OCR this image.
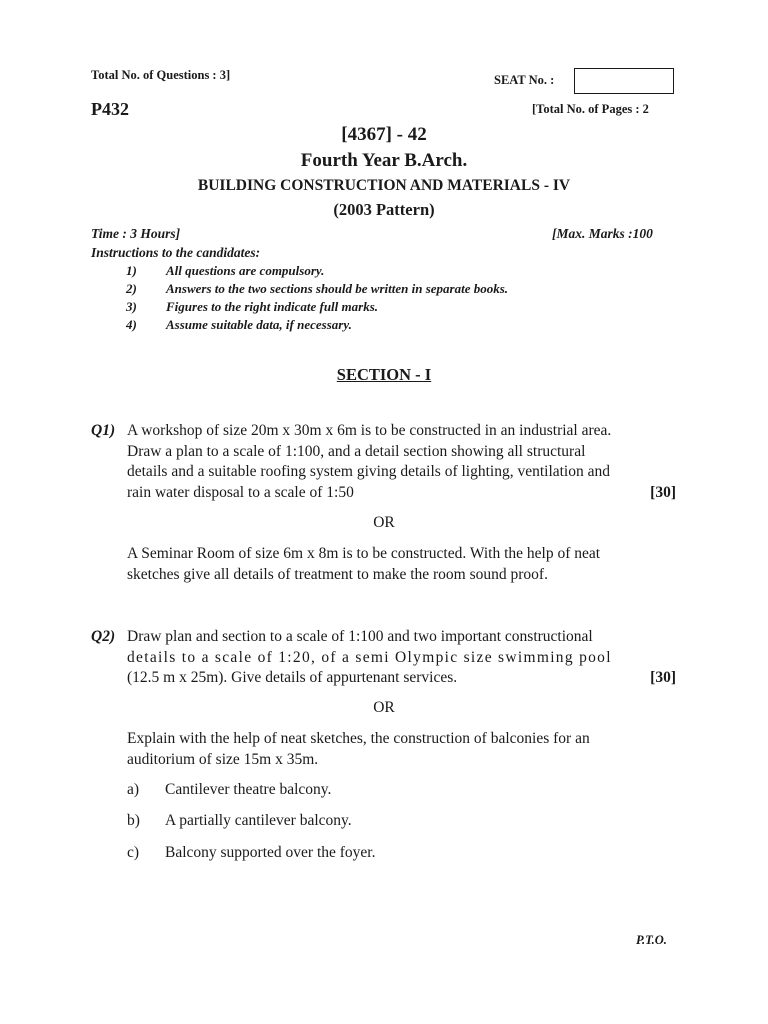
Total No. of Questions : 3]	SEAT No. :
P432	[Total No. of Pages : 2
[4367] - 42
Fourth Year B.Arch.
BUILDING CONSTRUCTION AND MATERIALS - IV
(2003 Pattern)
Time : 3 Hours]	[Max. Marks :100
Instructions to the candidates:
1) All questions are compulsory.
2) Answers to the two sections should be written in separate books.
3) Figures to the right indicate full marks.
4) Assume suitable data, if necessary.
SECTION - I
Q1) A workshop of size 20m x 30m x 6m is to be constructed in an industrial area.
Draw a plan to a scale of 1:100, and a detail section showing all structural
details and a suitable roofing system giving details of lighting, ventilation and
rain water disposal to a scale of 1:50	[30]
OR
A Seminar Room of size 6m x 8m is to be constructed. With the help of neat
sketches give all details of treatment to make the room sound proof.
Q2) Draw plan and section to a scale of 1:100 and two important constructional
details to a scale of 1:20, of a semi Olympic size swimming pool
(12.5 m x 25m). Give details of appurtenant services.	[30]
OR
Explain with the help of neat sketches, the construction of balconies for an
auditorium of size 15m x 35m.
a) Cantilever theatre balcony.
b) A partially cantilever balcony.
c) Balcony supported over the foyer.
P.T.O.
